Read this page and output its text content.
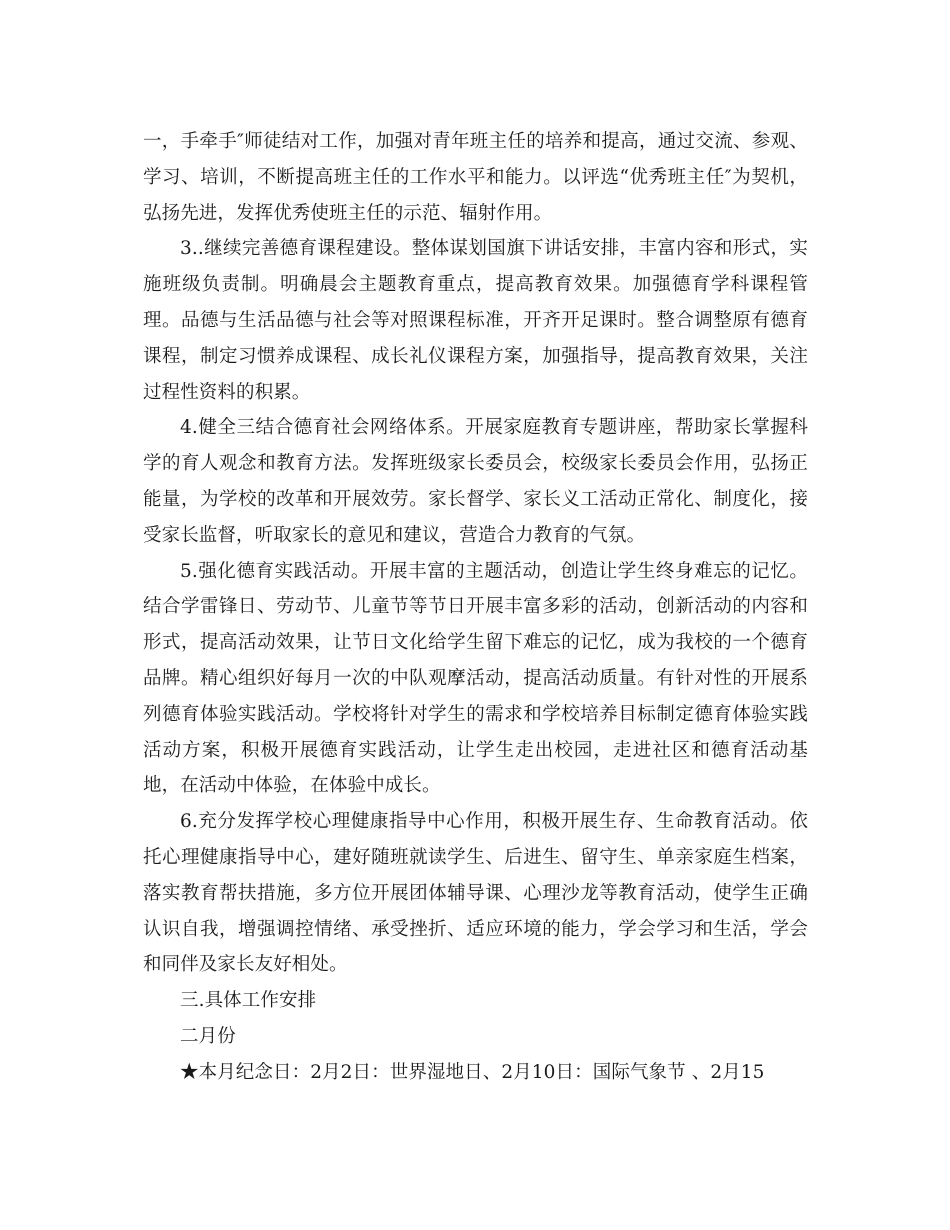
一，手牵手″师徒结对工作，加强对青年班主任的培养和提高，通过交流、参观、学习、培训，不断提高班主任的工作水平和能力。以评选“优秀班主任″为契机，弘扬先进，发挥优秀使班主任的示范、辐射作用。

3..继续完善德育课程建设。整体谋划国旗下讲话安排，丰富内容和形式，实施班级负责制。明确晨会主题教育重点，提高教育效果。加强德育学科课程管理。品德与生活品德与社会等对照课程标准，开齐开足课时。整合调整原有德育课程，制定习惯养成课程、成长礼仪课程方案，加强指导，提高教育效果，关注过程性资料的积累。

4.健全三结合德育社会网络体系。开展家庭教育专题讲座，帮助家长掌握科学的育人观念和教育方法。发挥班级家长委员会，校级家长委员会作用，弘扬正能量，为学校的改革和开展效劳。家长督学、家长义工活动正常化、制度化，接受家长监督，听取家长的意见和建议，营造合力教育的气氛。

5.强化德育实践活动。开展丰富的主题活动，创造让学生终身难忘的记忆。结合学雷锋日、劳动节、儿童节等节日开展丰富多彩的活动，创新活动的内容和形式，提高活动效果，让节日文化给学生留下难忘的记忆，成为我校的一个德育品牌。精心组织好每月一次的中队观摩活动，提高活动质量。有针对性的开展系列德育体验实践活动。学校将针对学生的需求和学校培养目标制定德育体验实践活动方案，积极开展德育实践活动，让学生走出校园，走进社区和德育活动基地，在活动中体验，在体验中成长。

6.充分发挥学校心理健康指导中心作用，积极开展生存、生命教育活动。依托心理健康指导中心，建好随班就读学生、后进生、留守生、单亲家庭生档案，落实教育帮扶措施，多方位开展团体辅导课、心理沙龙等教育活动，使学生正确认识自我，增强调控情绪、承受挫折、适应环境的能力，学会学习和生活，学会和同伴及家长友好相处。

三.具体工作安排

二月份

★本月纪念日：2月2日：世界湿地日、2月10日：国际气象节 、2月15
